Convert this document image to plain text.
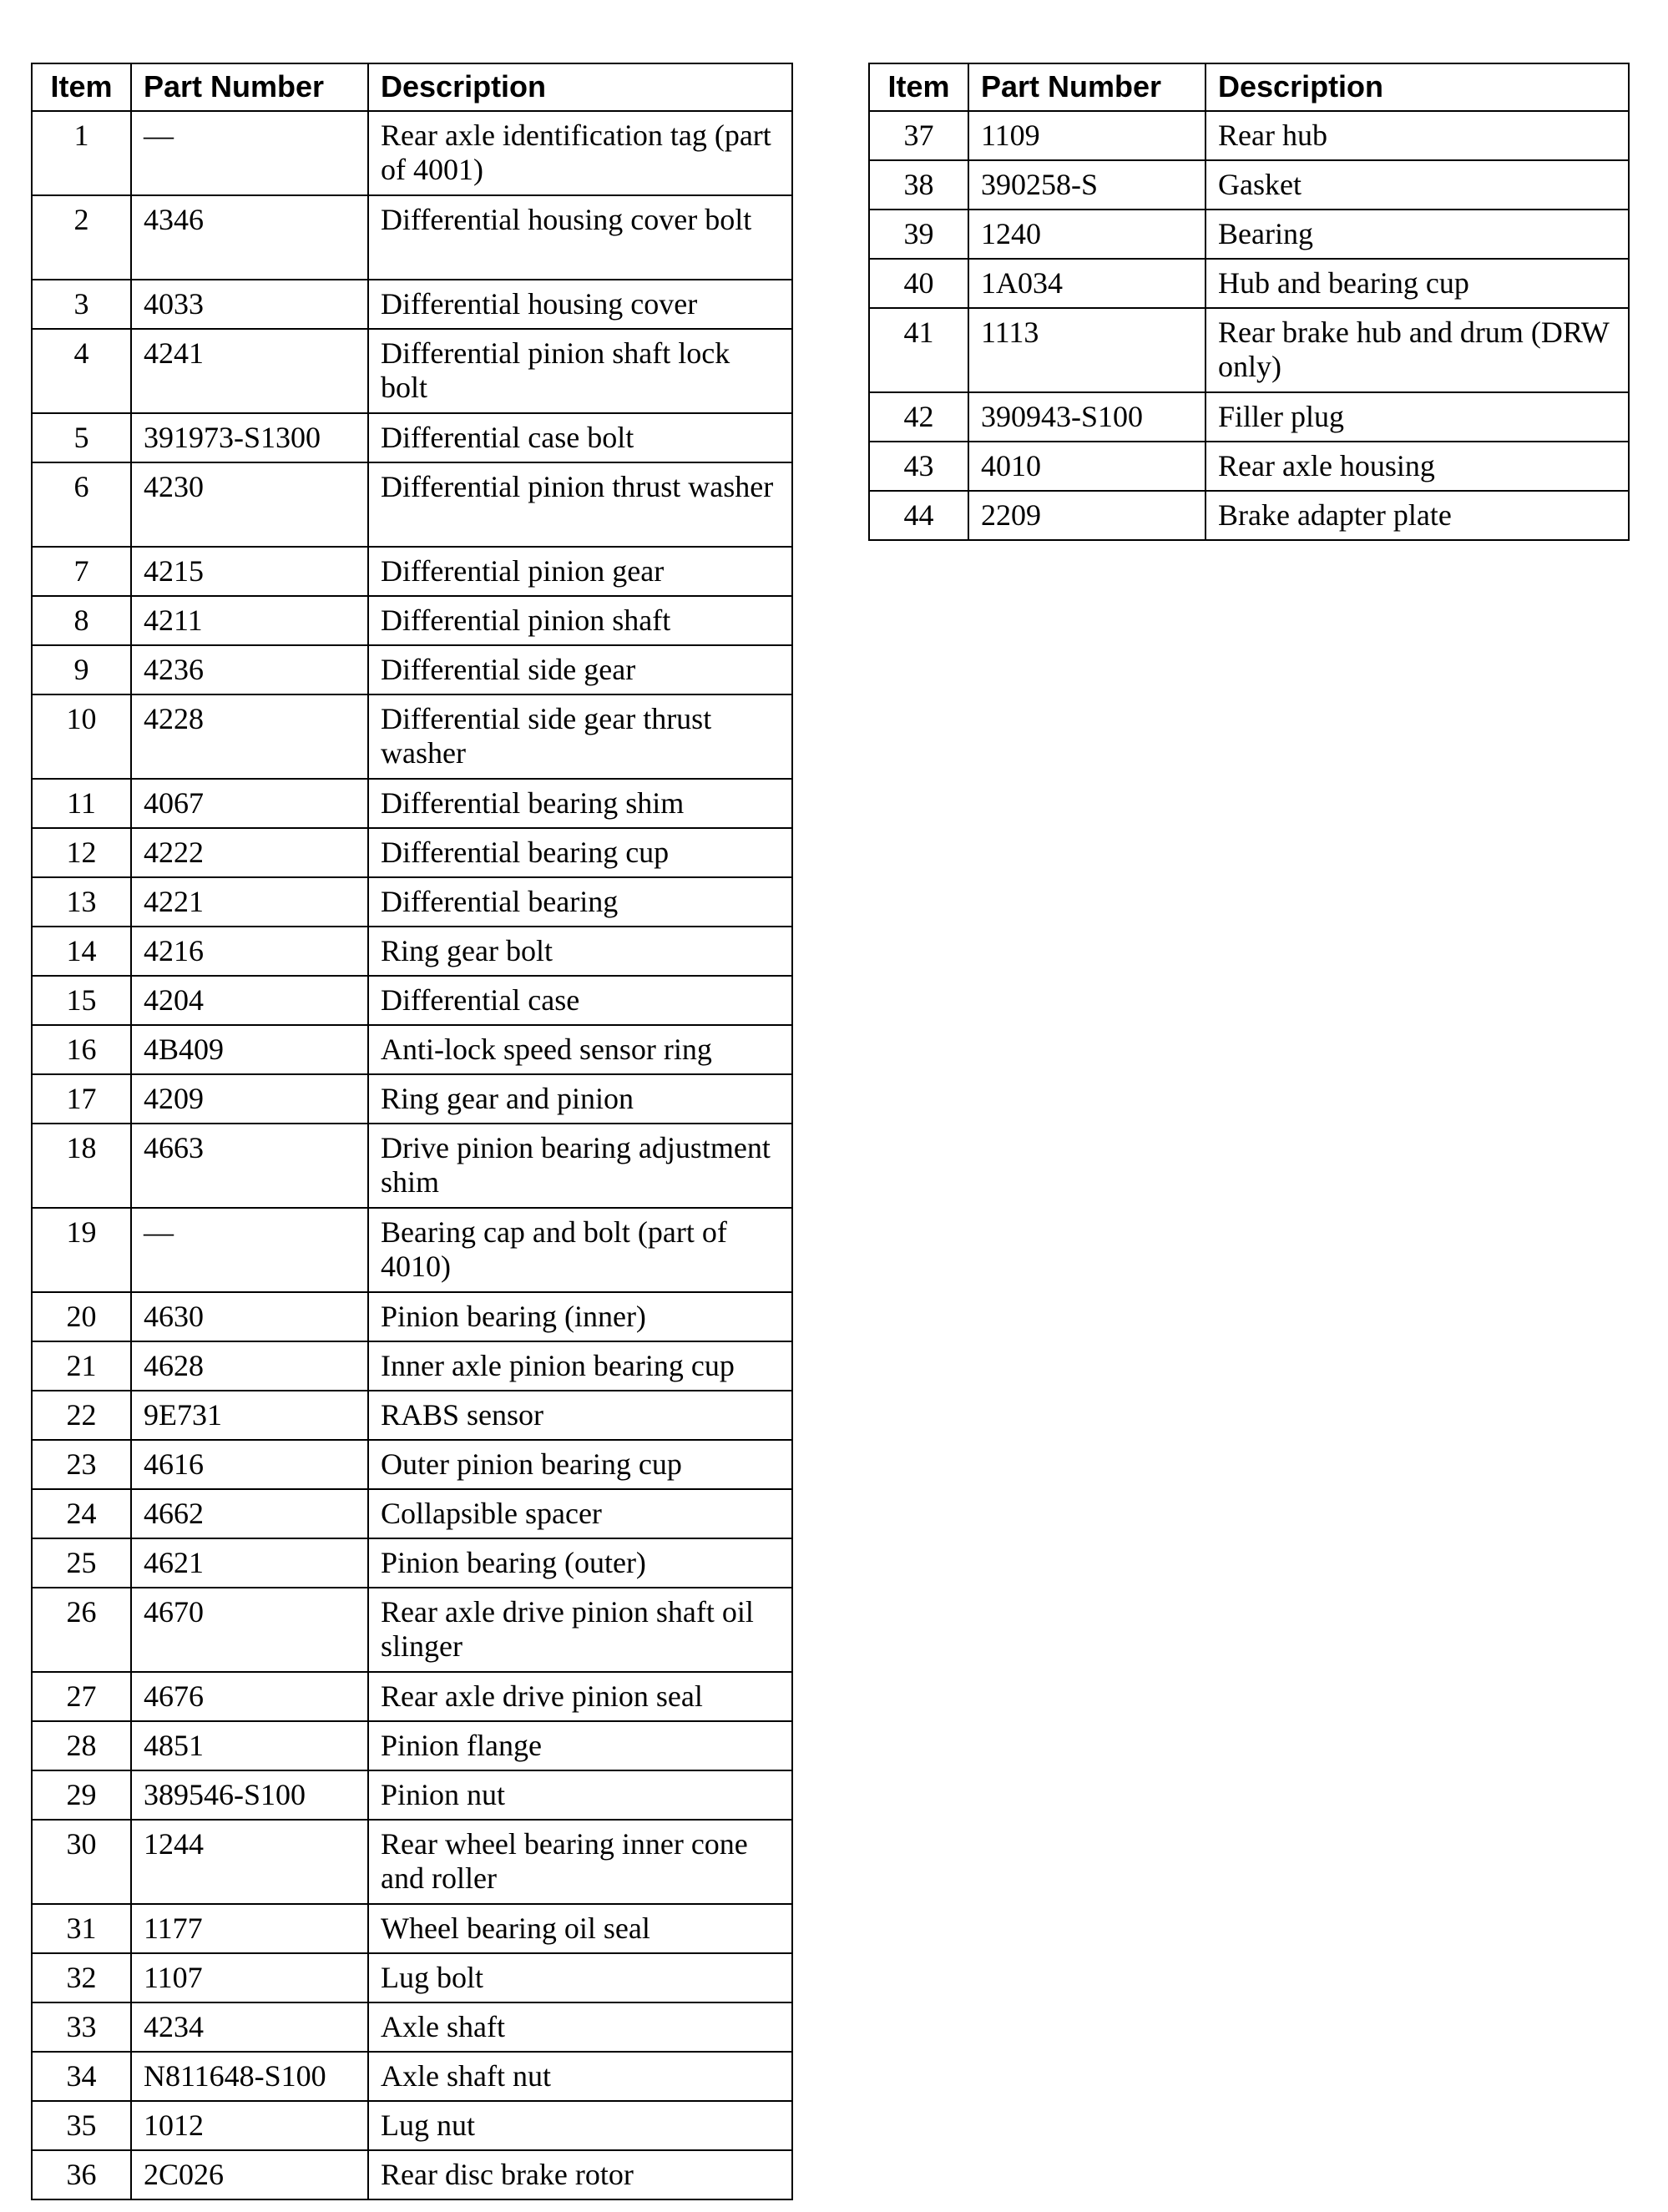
Item	Part Number	Description
1	—	Rear axle identification tag (part of 4001)
2	4346	Differential housing cover bolt
3	4033	Differential housing cover
4	4241	Differential pinion shaft lock bolt
5	391973-S1300	Differential case bolt
6	4230	Differential pinion thrust washer
7	4215	Differential pinion gear
8	4211	Differential pinion shaft
9	4236	Differential side gear
10	4228	Differential side gear thrust washer
11	4067	Differential bearing shim
12	4222	Differential bearing cup
13	4221	Differential bearing
14	4216	Ring gear bolt
15	4204	Differential case
16	4B409	Anti-lock speed sensor ring
17	4209	Ring gear and pinion
18	4663	Drive pinion bearing adjustment shim
19	—	Bearing cap and bolt (part of 4010)
20	4630	Pinion bearing (inner)
21	4628	Inner axle pinion bearing cup
22	9E731	RABS sensor
23	4616	Outer pinion bearing cup
24	4662	Collapsible spacer
25	4621	Pinion bearing (outer)
26	4670	Rear axle drive pinion shaft oil slinger
27	4676	Rear axle drive pinion seal
28	4851	Pinion flange
29	389546-S100	Pinion nut
30	1244	Rear wheel bearing inner cone and roller
31	1177	Wheel bearing oil seal
32	1107	Lug bolt
33	4234	Axle shaft
34	N811648-S100	Axle shaft nut
35	1012	Lug nut
36	2C026	Rear disc brake rotor
Item	Part Number	Description
37	1109	Rear hub
38	390258-S	Gasket
39	1240	Bearing
40	1A034	Hub and bearing cup
41	1113	Rear brake hub and drum (DRW only)
42	390943-S100	Filler plug
43	4010	Rear axle housing
44	2209	Brake adapter plate
